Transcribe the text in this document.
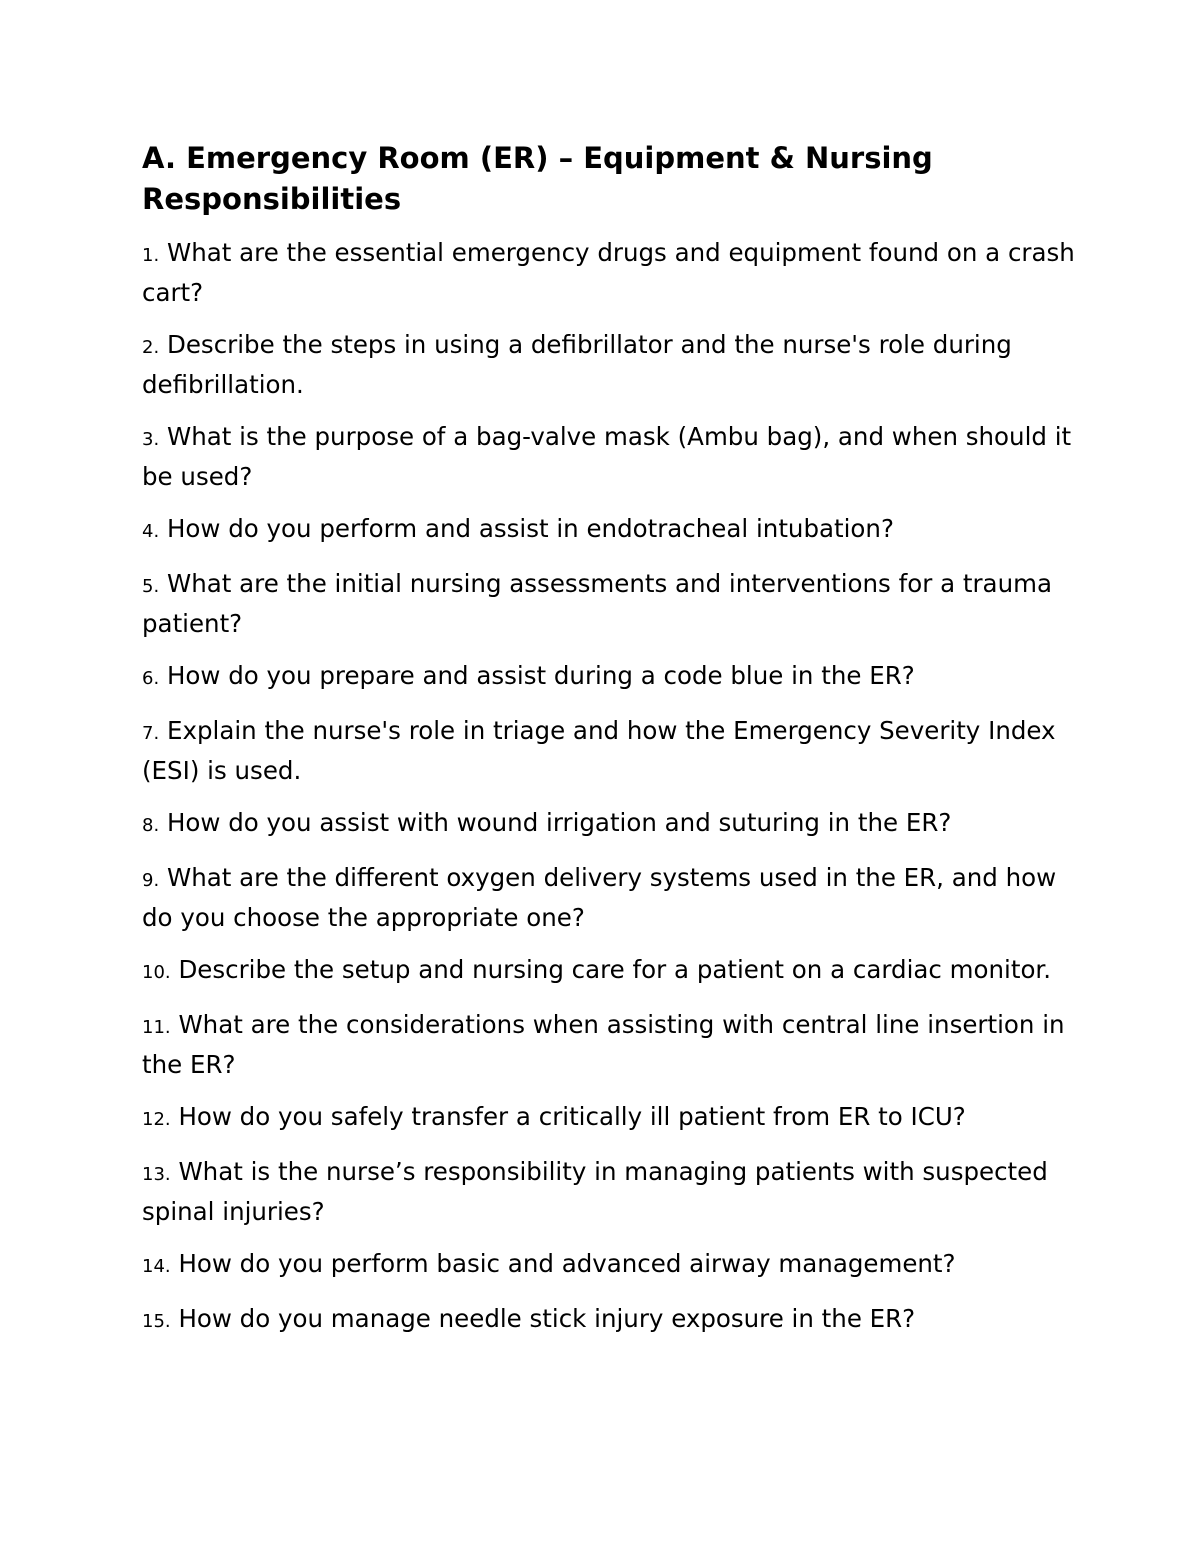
A. Emergency Room (ER) – Equipment & Nursing Responsibilities
1. What are the essential emergency drugs and equipment found on a crash cart?
2. Describe the steps in using a defibrillator and the nurse's role during defibrillation.
3. What is the purpose of a bag-valve mask (Ambu bag), and when should it be used?
4. How do you perform and assist in endotracheal intubation?
5. What are the initial nursing assessments and interventions for a trauma patient?
6. How do you prepare and assist during a code blue in the ER?
7. Explain the nurse's role in triage and how the Emergency Severity Index (ESI) is used.
8. How do you assist with wound irrigation and suturing in the ER?
9. What are the different oxygen delivery systems used in the ER, and how do you choose the appropriate one?
10. Describe the setup and nursing care for a patient on a cardiac monitor.
11. What are the considerations when assisting with central line insertion in the ER?
12. How do you safely transfer a critically ill patient from ER to ICU?
13. What is the nurse’s responsibility in managing patients with suspected spinal injuries?
14. How do you perform basic and advanced airway management?
15. How do you manage needle stick injury exposure in the ER?
